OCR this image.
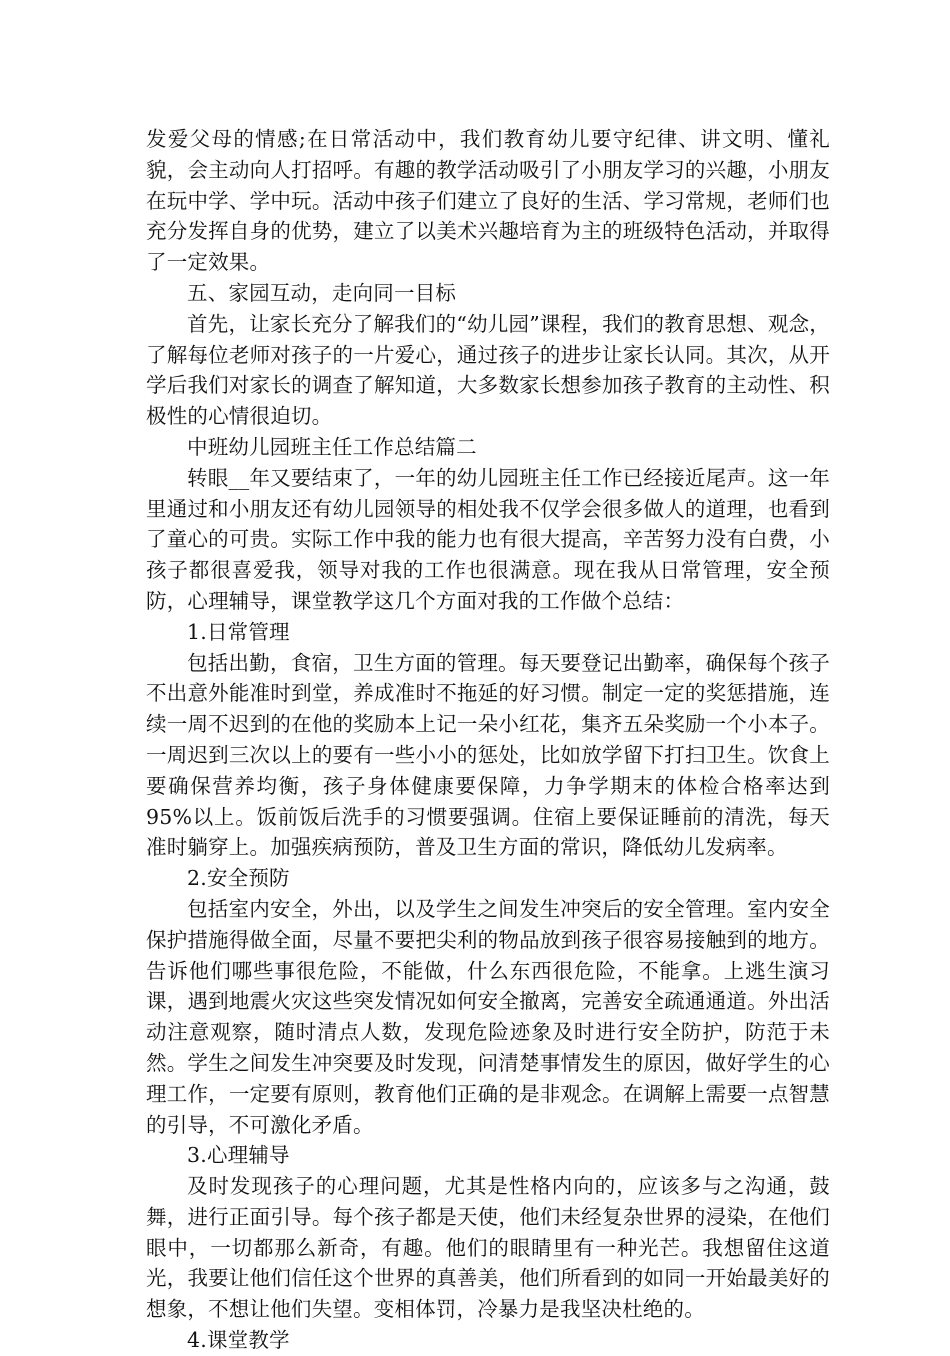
发爱父母的情感;在日常活动中，我们教育幼儿要守纪律、讲文明、懂礼貌，会主动向人打招呼。有趣的教学活动吸引了小朋友学习的兴趣，小朋友在玩中学、学中玩。活动中孩子们建立了良好的生活、学习常规，老师们也充分发挥自身的优势，建立了以美术兴趣培育为主的班级特色活动，并取得了一定效果。

五、家园互动，走向同一目标

首先，让家长充分了解我们的“幼儿园”课程，我们的教育思想、观念，了解每位老师对孩子的一片爱心，通过孩子的进步让家长认同。其次，从开学后我们对家长的调查了解知道，大多数家长想参加孩子教育的主动性、积极性的心情很迫切。

中班幼儿园班主任工作总结篇二

转眼__年又要结束了，一年的幼儿园班主任工作已经接近尾声。这一年里通过和小朋友还有幼儿园领导的相处我不仅学会很多做人的道理，也看到了童心的可贵。实际工作中我的能力也有很大提高，辛苦努力没有白费，小孩子都很喜爱我，领导对我的工作也很满意。现在我从日常管理，安全预防，心理辅导，课堂教学这几个方面对我的工作做个总结：

1.日常管理

包括出勤，食宿，卫生方面的管理。每天要登记出勤率，确保每个孩子不出意外能准时到堂，养成准时不拖延的好习惯。制定一定的奖惩措施，连续一周不迟到的在他的奖励本上记一朵小红花，集齐五朵奖励一个小本子。一周迟到三次以上的要有一些小小的惩处，比如放学留下打扫卫生。饮食上要确保营养均衡，孩子身体健康要保障，力争学期末的体检合格率达到95%以上。饭前饭后洗手的习惯要强调。住宿上要保证睡前的清洗，每天准时躺穿上。加强疾病预防，普及卫生方面的常识，降低幼儿发病率。

2.安全预防

包括室内安全，外出，以及学生之间发生冲突后的安全管理。室内安全保护措施得做全面，尽量不要把尖利的物品放到孩子很容易接触到的地方。告诉他们哪些事很危险，不能做，什么东西很危险，不能拿。上逃生演习课，遇到地震火灾这些突发情况如何安全撤离，完善安全疏通通道。外出活动注意观察，随时清点人数，发现危险迹象及时进行安全防护，防范于未然。学生之间发生冲突要及时发现，问清楚事情发生的原因，做好学生的心理工作，一定要有原则，教育他们正确的是非观念。在调解上需要一点智慧的引导，不可激化矛盾。

3.心理辅导

及时发现孩子的心理问题，尤其是性格内向的，应该多与之沟通，鼓舞，进行正面引导。每个孩子都是天使，他们未经复杂世界的浸染，在他们眼中，一切都那么新奇，有趣。他们的眼睛里有一种光芒。我想留住这道光，我要让他们信任这个世界的真善美，他们所看到的如同一开始最美好的想象，不想让他们失望。变相体罚，冷暴力是我坚决杜绝的。

4.课堂教学
